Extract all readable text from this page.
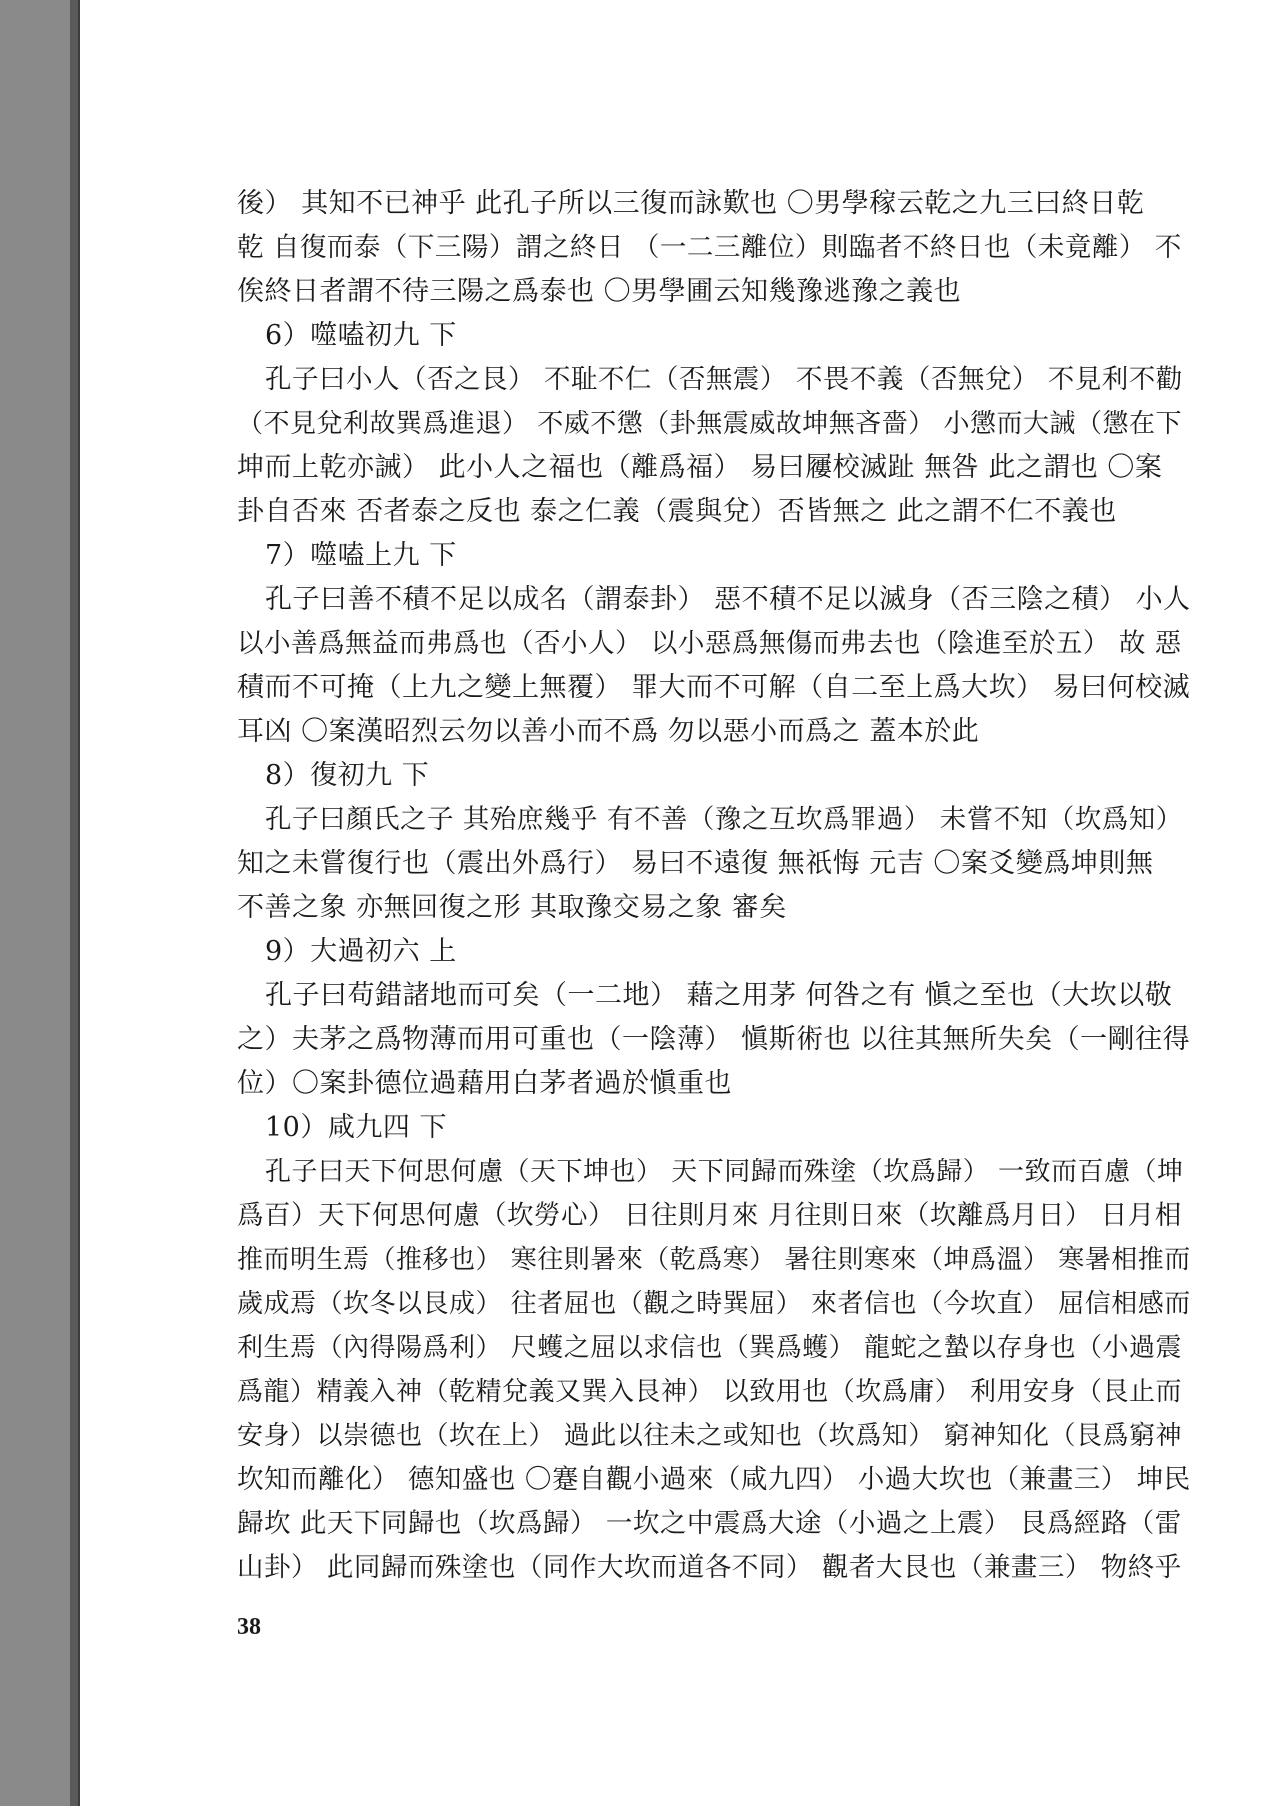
後） 其知不已神乎 此孔子所以三復而詠歎也 〇男學稼云乾之九三曰終日乾
乾 自復而泰（下三陽）謂之終日 （一二三離位）則臨者不終日也（未竟離） 不
俟終日者謂不待三陽之爲泰也 〇男學圃云知幾豫逃豫之義也
6）噬嗑初九 下
孔子曰小人（否之艮） 不耻不仁（否無震） 不畏不義（否無兌） 不見利不勸
（不見兌利故巽爲進退） 不威不懲（卦無震威故坤無吝嗇） 小懲而大誡（懲在下
坤而上乾亦誡） 此小人之福也（離爲福） 易曰屨校滅趾 無咎 此之謂也 〇案
卦自否來 否者泰之反也 泰之仁義（震與兌）否皆無之 此之謂不仁不義也
7）噬嗑上九 下
孔子曰善不積不足以成名（謂泰卦） 惡不積不足以滅身（否三陰之積） 小人
以小善爲無益而弗爲也（否小人） 以小惡爲無傷而弗去也（陰進至於五） 故 惡
積而不可掩（上九之變上無覆） 罪大而不可解（自二至上爲大坎） 易曰何校滅
耳凶 〇案漢昭烈云勿以善小而不爲 勿以惡小而爲之 蓋本於此
8）復初九 下
孔子曰顏氏之子 其殆庶幾乎 有不善（豫之互坎爲罪過） 未嘗不知（坎爲知）
知之未嘗復行也（震出外爲行） 易曰不遠復 無祇悔 元吉 〇案爻變爲坤則無
不善之象 亦無回復之形 其取豫交易之象 審矣
9）大過初六 上
孔子曰苟錯諸地而可矣（一二地） 藉之用茅 何咎之有 愼之至也（大坎以敬
之）夫茅之爲物薄而用可重也（一陰薄） 愼斯術也 以往其無所失矣（一剛往得
位）〇案卦德位過藉用白茅者過於愼重也
10）咸九四 下
孔子曰天下何思何慮（天下坤也） 天下同歸而殊塗（坎爲歸） 一致而百慮（坤
爲百）天下何思何慮（坎勞心） 日往則月來 月往則日來（坎離爲月日） 日月相
推而明生焉（推移也） 寒往則暑來（乾爲寒） 暑往則寒來（坤爲溫） 寒暑相推而
歲成焉（坎冬以艮成） 往者屈也（觀之時巽屈） 來者信也（今坎直） 屈信相感而
利生焉（內得陽爲利） 尺蠖之屈以求信也（巽爲蠖） 龍蛇之蟄以存身也（小過震
爲龍）精義入神（乾精兌義又巽入艮神） 以致用也（坎爲庸） 利用安身（艮止而
安身）以崇德也（坎在上） 過此以往未之或知也（坎爲知） 窮神知化（艮爲窮神
坎知而離化） 德知盛也 〇蹇自觀小過來（咸九四） 小過大坎也（兼畫三） 坤民
歸坎 此天下同歸也（坎爲歸） 一坎之中震爲大途（小過之上震） 艮爲經路（雷
山卦） 此同歸而殊塗也（同作大坎而道各不同） 觀者大艮也（兼畫三） 物終乎
38
